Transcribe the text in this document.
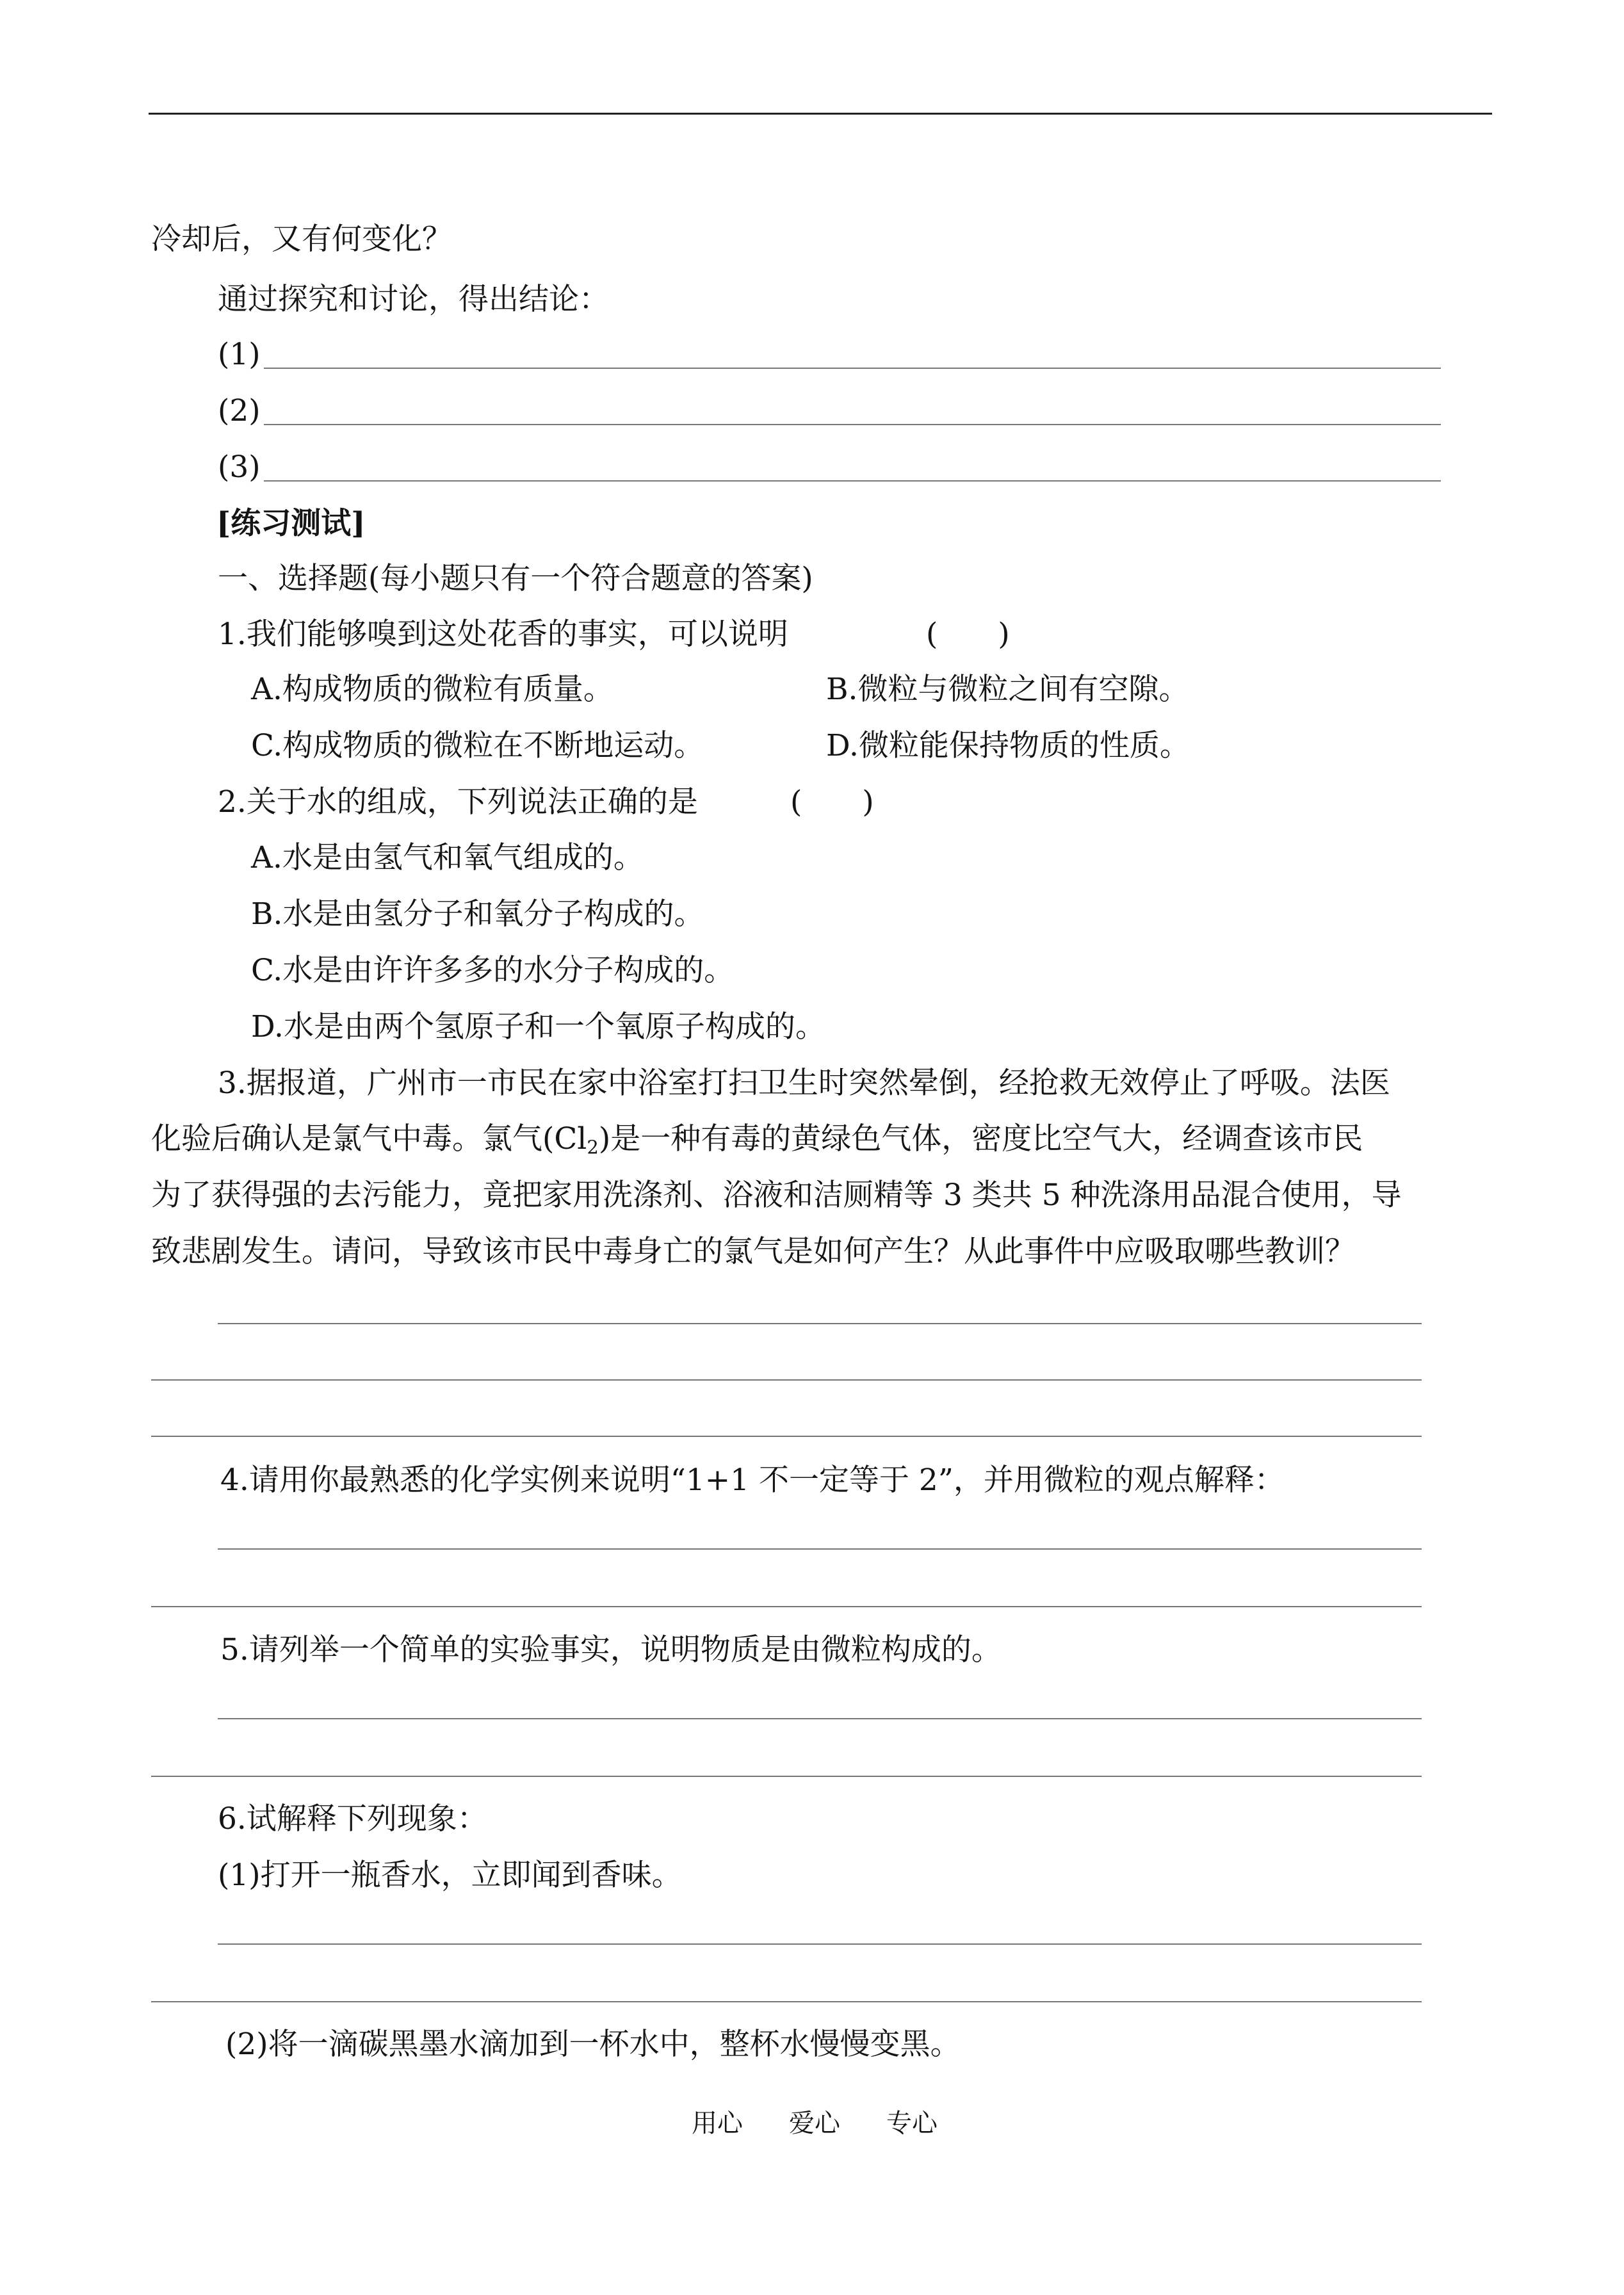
冷却后，又有何变化？
通过探究和讨论，得出结论：
(1)
(2)
(3)
[练习测试]
一、选择题(每小题只有一个符合题意的答案)
1.我们能够嗅到这处花香的事实，可以说明	(　　)
A.构成物质的微粒有质量。	B.微粒与微粒之间有空隙。
C.构成物质的微粒在不断地运动。	D.微粒能保持物质的性质。
2.关于水的组成，下列说法正确的是	(　　)
A.水是由氢气和氧气组成的。
B.水是由氢分子和氧分子构成的。
C.水是由许许多多的水分子构成的。
D.水是由两个氢原子和一个氧原子构成的。
3.据报道，广州市一市民在家中浴室打扫卫生时突然晕倒，经抢救无效停止了呼吸。法医
化验后确认是氯气中毒。氯气$(Cl_2)$是一种有毒的黄绿色气体，密度比空气大，经调查该市民
为了获得强的去污能力，竟把家用洗涤剂、浴液和洁厕精等 3 类共 5 种洗涤用品混合使用，导
致悲剧发生。请问，导致该市民中毒身亡的氯气是如何产生？从此事件中应吸取哪些教训？
4.请用你最熟悉的化学实例来说明“1+1 不一定等于 2”，并用微粒的观点解释：
5.请列举一个简单的实验事实，说明物质是由微粒构成的。
6.试解释下列现象：
(1)打开一瓶香水，立即闻到香味。
(2)将一滴碳黑墨水滴加到一杯水中，整杯水慢慢变黑。
用心 爱心 专心
